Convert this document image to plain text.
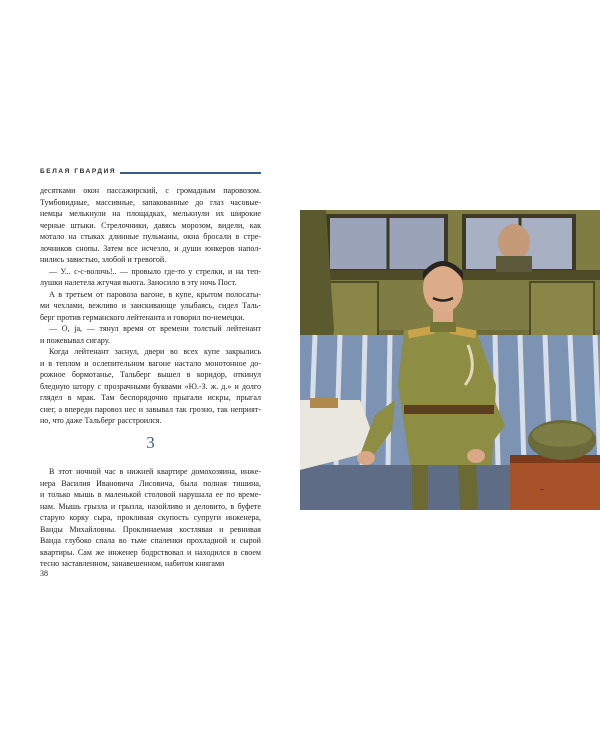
БЕЛАЯ ГВАРДИЯ
десятками окон пассажирский, с громадным паровозом.
Тумбовидные, массивные, запакованные до глаз часовые-
немцы мелькнули на площадках, мелькнули их широкие
черные штыки. Стрелочники, давясь морозом, видели, как
мотало на стыках длинные пульманы, окна бросали в стре-
лочников снопы. Затем все исчезло, и души юнкеров напол-
нились завистью, злобой и тревогой.
— У... с-с-волочь!.. — провыло где-то у стрелки, и на теп-
лушки налетела жгучая вьюга. Заносило в эту ночь Пост.
А в третьем от паровоза вагоне, в купе, крытом полосаты-
ми чехлами, вежливо и заискивающе улыбаясь, сидел Таль-
берг против германского лейтенанта и говорил по-немецки.
— О, ja, — тянул время от времени толстый лейтенант
и пожевывал сигару.
Когда лейтенант заснул, двери во всех купе закрылись
и в теплом и ослепительном вагоне настало монотонное до-
рожное бормотанье, Тальберг вышел в коридор, откинул
бледную штору с прозрачными буквами «Ю.-З. ж. д.» и долго
глядел в мрак. Там беспорядочно прыгали искры, прыгал
снег, а впереди паровоз нес и завывал так грозно, так неприят-
но, что даже Тальберг расстроился.
3
В этот ночной час в нижней квартире домохозяина, инже-
нера Василия Ивановича Лисовича, была полная тишина,
и только мышь в маленькой столовой нарушала ее по време-
нам. Мышь грызла и грызла, назойливо и деловито, в буфете
старую корку сыра, проклиная скупость супруги инженера,
Ванды Михайловны. Проклинаемая костлявая и ревнивая
Ванда глубоко спала во тьме спаленки прохладной и сырой
квартиры. Сам же инженер бодрствовал и находился в своем
тесно заставленном, занавешенном, набитом книгами
38
~
